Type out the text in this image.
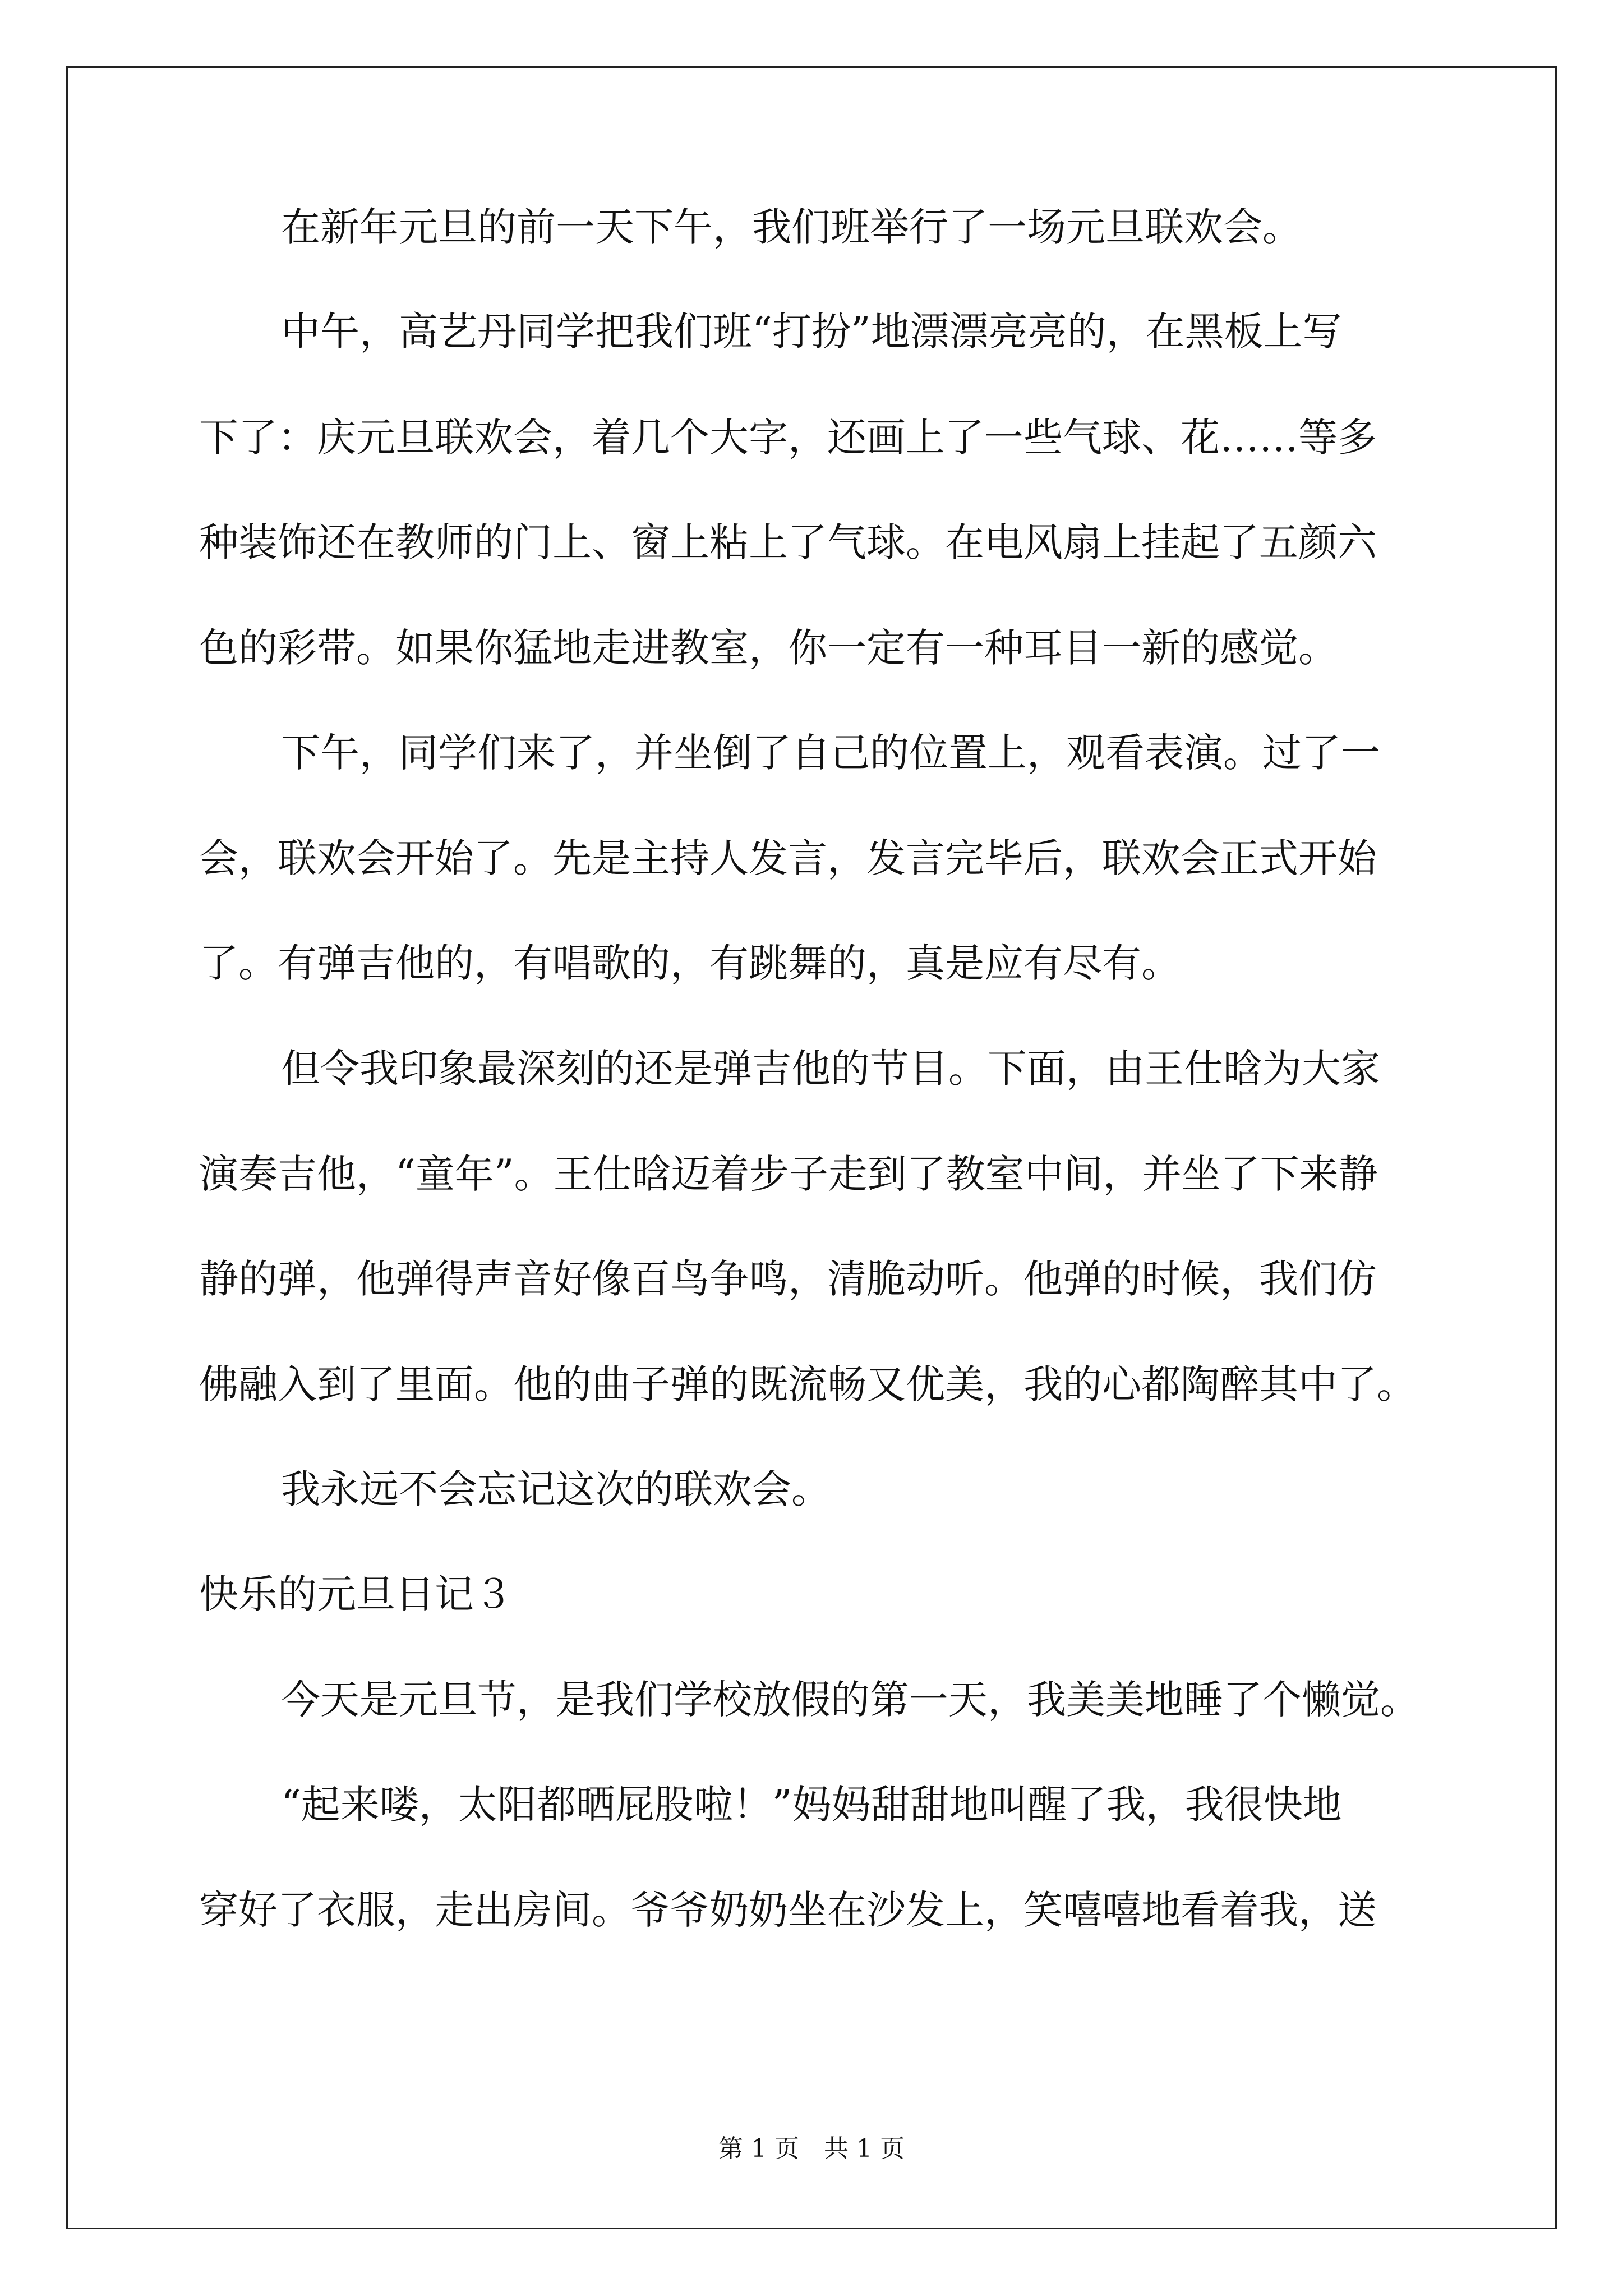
在新年元旦的前一天下午，我们班举行了一场元旦联欢会。
中午，高艺丹同学把我们班“打扮”地漂漂亮亮的，在黑板上写
下了：庆元旦联欢会，着几个大字，还画上了一些气球、花……等多
种装饰还在教师的门上、窗上粘上了气球。在电风扇上挂起了五颜六
色的彩带。如果你猛地走进教室，你一定有一种耳目一新的感觉。
下午，同学们来了，并坐倒了自己的位置上，观看表演。过了一
会，联欢会开始了。先是主持人发言，发言完毕后，联欢会正式开始
了。有弹吉他的，有唱歌的，有跳舞的，真是应有尽有。
但令我印象最深刻的还是弹吉他的节目。下面，由王仕晗为大家
演奏吉他，“童年”。王仕晗迈着步子走到了教室中间，并坐了下来静
静的弹，他弹得声音好像百鸟争鸣，清脆动听。他弹的时候，我们仿
佛融入到了里面。他的曲子弹的既流畅又优美，我的心都陶醉其中了。
我永远不会忘记这次的联欢会。
快乐的元旦日记３
今天是元旦节，是我们学校放假的第一天，我美美地睡了个懒觉。
“起来喽，太阳都晒屁股啦！”妈妈甜甜地叫醒了我，我很快地
穿好了衣服，走出房间。爷爷奶奶坐在沙发上，笑嘻嘻地看着我，送
第 1 页　共 1 页
